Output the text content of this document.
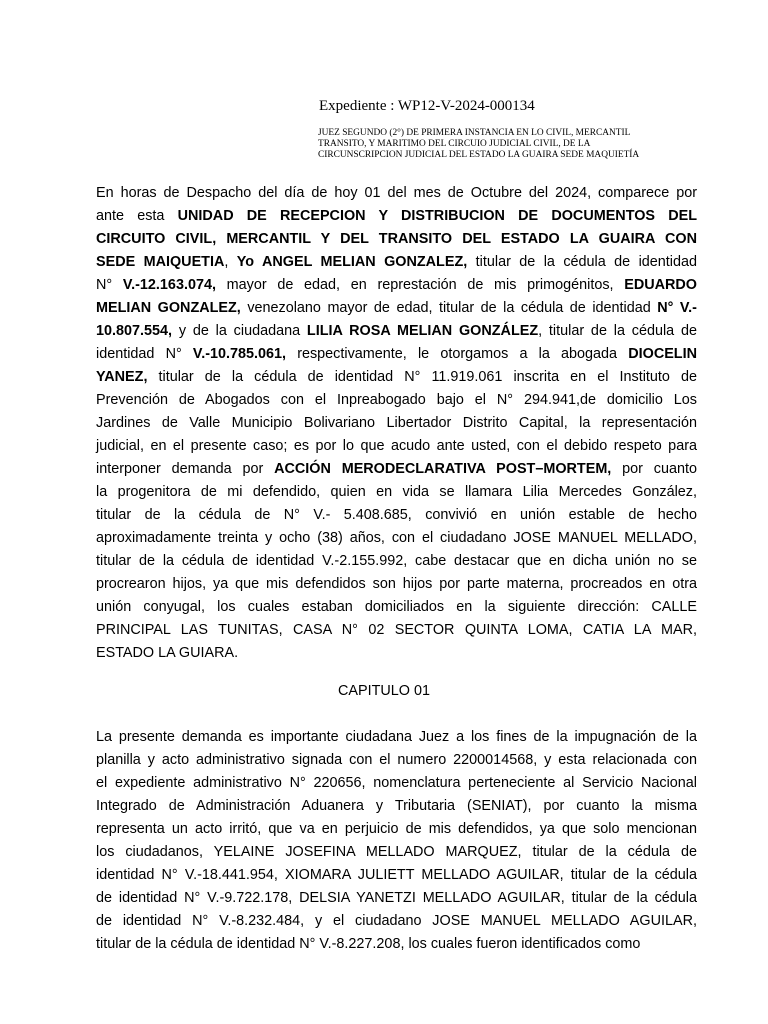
Expediente : WP12-V-2024-000134
JUEZ SEGUNDO (2°) DE PRIMERA INSTANCIA EN LO CIVIL, MERCANTIL
TRANSITO, Y MARITIMO DEL CIRCUIO JUDICIAL CIVIL, DE LA
CIRCUNSCRIPCION JUDICIAL DEL ESTADO LA GUAIRA SEDE MAQUIETÍA
En horas de Despacho del día de hoy 01 del mes de Octubre del 2024, comparece por
ante esta UNIDAD DE RECEPCION Y DISTRIBUCION DE DOCUMENTOS DEL
CIRCUITO CIVIL, MERCANTIL Y DEL TRANSITO DEL ESTADO LA GUAIRA CON
SEDE MAIQUETIA, Yo ANGEL MELIAN GONZALEZ, titular de la cédula de identidad
N° V.-12.163.074, mayor de edad, en represtación de mis primogénitos, EDUARDO
MELIAN GONZALEZ, venezolano mayor de edad, titular de la cédula de identidad N° V.-
10.807.554, y de la ciudadana LILIA ROSA MELIAN GONZÁLEZ, titular de la cédula de
identidad N° V.-10.785.061, respectivamente, le otorgamos a la abogada DIOCELIN
YANEZ, titular de la cédula de identidad N° 11.919.061 inscrita en el Instituto de
Prevención de Abogados con el Inpreabogado bajo el N° 294.941,de domicilio Los
Jardines de Valle Municipio Bolivariano Libertador Distrito Capital, la representación
judicial, en el presente caso; es por lo que acudo ante usted, con el debido respeto para
interponer demanda por ACCIÓN MERODECLARATIVA POST–MORTEM, por cuanto
la progenitora de mi defendido, quien en vida se llamara Lilia Mercedes González,
titular de la cédula de N° V.- 5.408.685, convivió en unión estable de hecho
aproximadamente treinta y ocho (38) años, con el ciudadano JOSE MANUEL MELLADO,
titular de la cédula de identidad V.-2.155.992, cabe destacar que en dicha unión no se
procrearon hijos, ya que mis defendidos son hijos por parte materna, procreados en otra
unión conyugal, los cuales estaban domiciliados en la siguiente dirección: CALLE
PRINCIPAL LAS TUNITAS, CASA N° 02 SECTOR QUINTA LOMA, CATIA LA MAR,
ESTADO LA GUIARA.
CAPITULO 01
La presente demanda es importante ciudadana Juez a los fines de la impugnación de la
planilla y acto administrativo signada con el numero 2200014568, y esta relacionada con
el expediente administrativo N° 220656, nomenclatura perteneciente al Servicio Nacional
Integrado de Administración Aduanera y Tributaria (SENIAT), por cuanto la misma
representa un acto irritó, que va en perjuicio de mis defendidos, ya que solo mencionan
los ciudadanos, YELAINE JOSEFINA MELLADO MARQUEZ, titular de la cédula de
identidad N° V.-18.441.954, XIOMARA JULIETT MELLADO AGUILAR, titular de la cédula
de identidad N° V.-9.722.178, DELSIA YANETZI MELLADO AGUILAR, titular de la cédula
de identidad N° V.-8.232.484, y el ciudadano JOSE MANUEL MELLADO AGUILAR,
titular de la cédula de identidad N° V.-8.227.208, los cuales fueron identificados como
